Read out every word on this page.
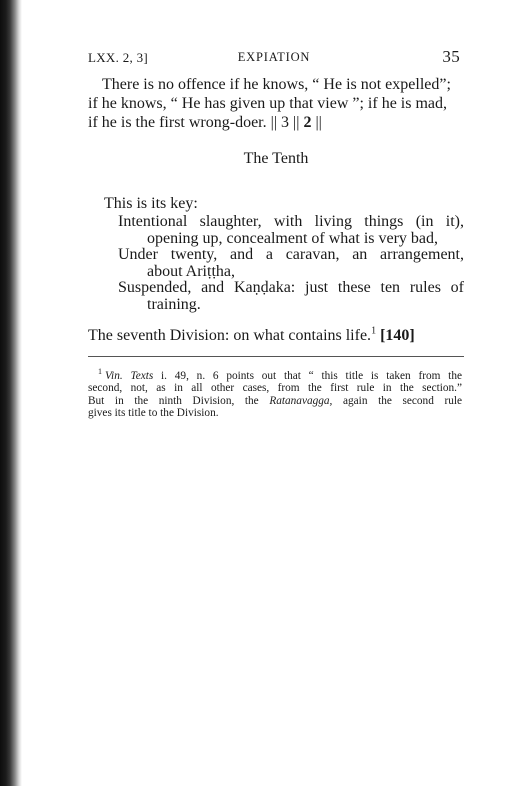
LXX. 2, 3]	EXPIATION	35
There is no offence if he knows, “ He is not expelled”;
if he knows, “ He has given up that view ”; if he is mad,
if he is the first wrong-doer. || 3 || 2 ||
The Tenth
This is its key:
Intentional slaughter, with living things (in it),
opening up, concealment of what is very bad,
Under twenty, and a caravan, an arrangement,
about Ariṭṭha,
Suspended, and Kaṇḍaka: just these ten rules of
training.
The seventh Division: on what contains life.$^1$ [140]
$^1$ Vin. Texts i. 49, n. 6 points out that “ this title is taken from the
second, not, as in all other cases, from the first rule in the section.”
But in the ninth Division, the Ratanavagga, again the second rule
gives its title to the Division.
